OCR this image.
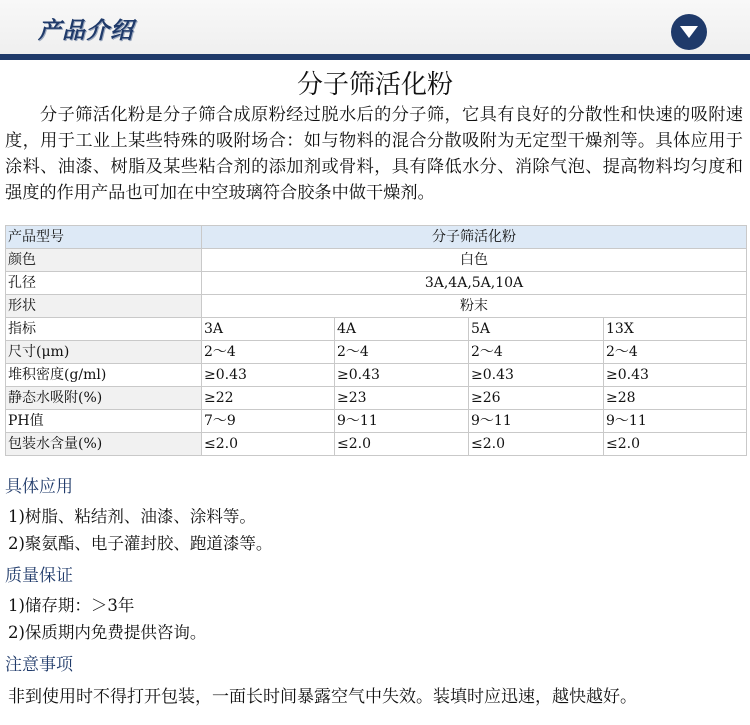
产品介绍
分子筛活化粉

分子筛活化粉是分子筛合成原粉经过脱水后的分子筛，它具有良好的分散性和快速的吸附速度，用于工业上某些特殊的吸附场合：如与物料的混合分散吸附为无定型干燥剂等。具体应用于涂料、油漆、树脂及某些粘合剂的添加剂或骨料，具有降低水分、消除气泡、提高物料均匀度和强度的作用产品也可加在中空玻璃符合胶条中做干燥剂。

产品型号	分子筛活化粉			
颜色	白色			
孔径	3A,4A,5A,10A			
形状	粉末			
指标	3A	4A	5A	13X
尺寸(μm)	2～4	2～4	2～4	2～4
堆积密度(g/ml)	≥0.43	≥0.43	≥0.43	≥0.43
静态水吸附(%)	≥22	≥23	≥26	≥28
PH值	7～9	9～11	9～11	9～11
包装水含量(%)	≤2.0	≤2.0	≤2.0	≤2.0
具体应用
1)树脂、粘结剂、油漆、涂料等。
2)聚氨酯、电子灌封胶、跑道漆等。
质量保证
1)储存期：＞3年
2)保质期内免费提供咨询。
注意事项
非到使用时不得打开包装，一面长时间暴露空气中失效。装填时应迅速，越快越好。
